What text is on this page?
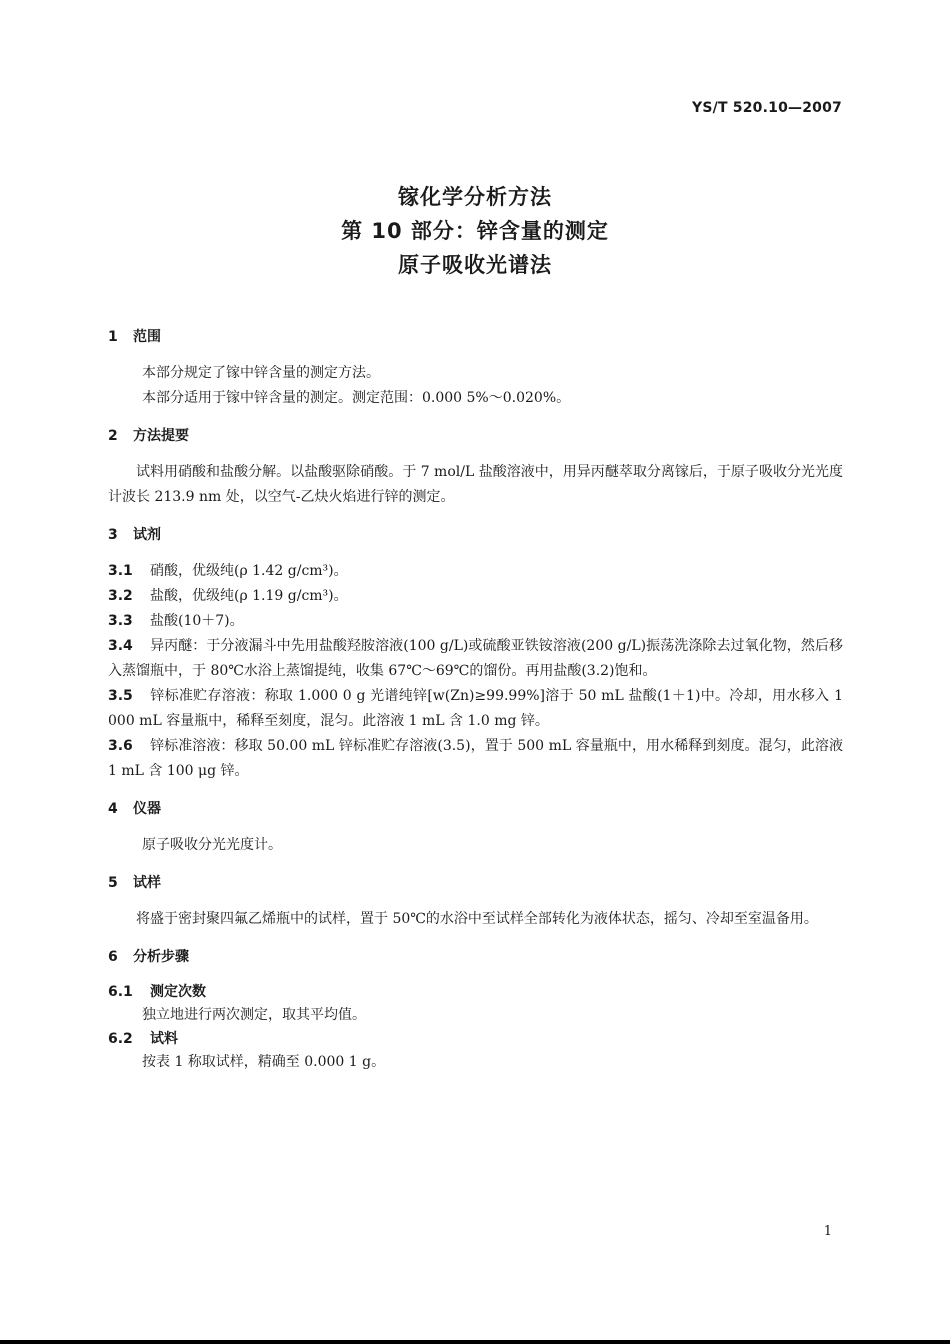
YS/T 520.10—2007
镓化学分析方法
第 10 部分：锌含量的测定
原子吸收光谱法
1 范围
本部分规定了镓中锌含量的测定方法。
本部分适用于镓中锌含量的测定。测定范围：0.000 5%～0.020%。
2 方法提要
试料用硝酸和盐酸分解。以盐酸驱除硝酸。于 7 mol/L 盐酸溶液中，用异丙醚萃取分离镓后，于原子吸收分光光度计波长 213.9 nm 处，以空气-乙炔火焰进行锌的测定。
3 试剂
3.1 硝酸，优级纯(ρ 1.42 g/cm³)。
3.2 盐酸，优级纯(ρ 1.19 g/cm³)。
3.3 盐酸(10＋7)。
3.4 异丙醚：于分液漏斗中先用盐酸羟胺溶液(100 g/L)或硫酸亚铁铵溶液(200 g/L)振荡洗涤除去过氧化物，然后移入蒸馏瓶中，于 80℃水浴上蒸馏提纯，收集 67℃～69℃的馏份。再用盐酸(3.2)饱和。
3.5 锌标准贮存溶液：称取 1.000 0 g 光谱纯锌[w(Zn)≥99.99%]溶于 50 mL 盐酸(1＋1)中。冷却，用水移入 1 000 mL 容量瓶中，稀释至刻度，混匀。此溶液 1 mL 含 1.0 mg 锌。
3.6 锌标准溶液：移取 50.00 mL 锌标准贮存溶液(3.5)，置于 500 mL 容量瓶中，用水稀释到刻度。混匀，此溶液 1 mL 含 100 μg 锌。
4 仪器
原子吸收分光光度计。
5 试样
将盛于密封聚四氟乙烯瓶中的试样，置于 50℃的水浴中至试样全部转化为液体状态，摇匀、冷却至室温备用。
6 分析步骤
6.1 测定次数
独立地进行两次测定，取其平均值。
6.2 试料
按表 1 称取试样，精确至 0.000 1 g。
1
